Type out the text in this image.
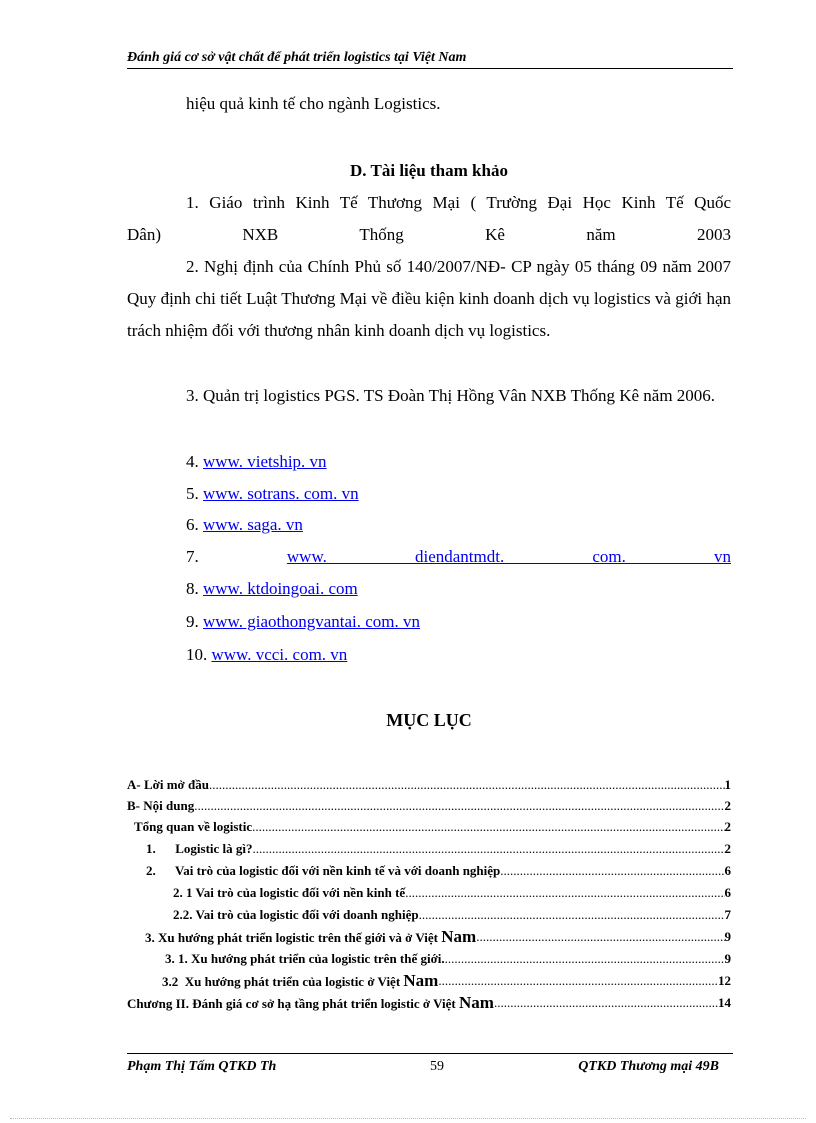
Đánh giá cơ sở vật chất để phát triển logistics tại Việt Nam
hiệu quả kinh tế cho ngành Logistics.
D. Tài liệu tham khảo
1. Giáo trình Kinh Tế Thương Mại ( Trường Đại Học Kinh Tế Quốc
Dân) NXB Thống Kê năm 2003
2. Nghị định của Chính Phủ số 140/2007/NĐ- CP ngày 05 tháng 09 năm 2007 Quy định chi tiết Luật Thương Mại về điều kiện kinh doanh dịch vụ logistics và giới hạn trách nhiệm đối với thương nhân kinh doanh dịch vụ logistics.
3. Quản trị logistics PGS. TS Đoàn Thị Hồng Vân NXB Thống Kê năm 2006.
4. www. vietship. vn
5. www. sotrans. com. vn
6. www. saga. vn
7.	www. diendantmdt. com. vn
8. www. ktdoingoai. com
9. www. giaothongvantai. com. vn
10. www. vcci. com. vn
MỤC LỤC
A- Lời mở đầu .....	1
B- Nội dung .....	2
Tổng quan về logistic .....	2
1.      Logistic là gì? .....	2
2.      Vai trò của logistic đối với nền kinh tế và với doanh nghiệp .....	6
2. 1 Vai trò của logistic đối với nền kinh tế .....	6
2.2. Vai trò của logistic đối với doanh nghiệp .....	7
3. Xu hướng phát triển logistic trên thế giới và ở Việt Nam .....	9
3. 1. Xu hướng phát triển của logistic trên thế giới. .....	9
3.2  Xu hướng phát triển của logistic ở Việt Nam .....	12
Chương II. Đánh giá cơ sở hạ tầng phát triển logistic ở Việt Nam .....	14
Phạm Thị Tấm QTKD Th	59	QTKD Thương mại 49B
